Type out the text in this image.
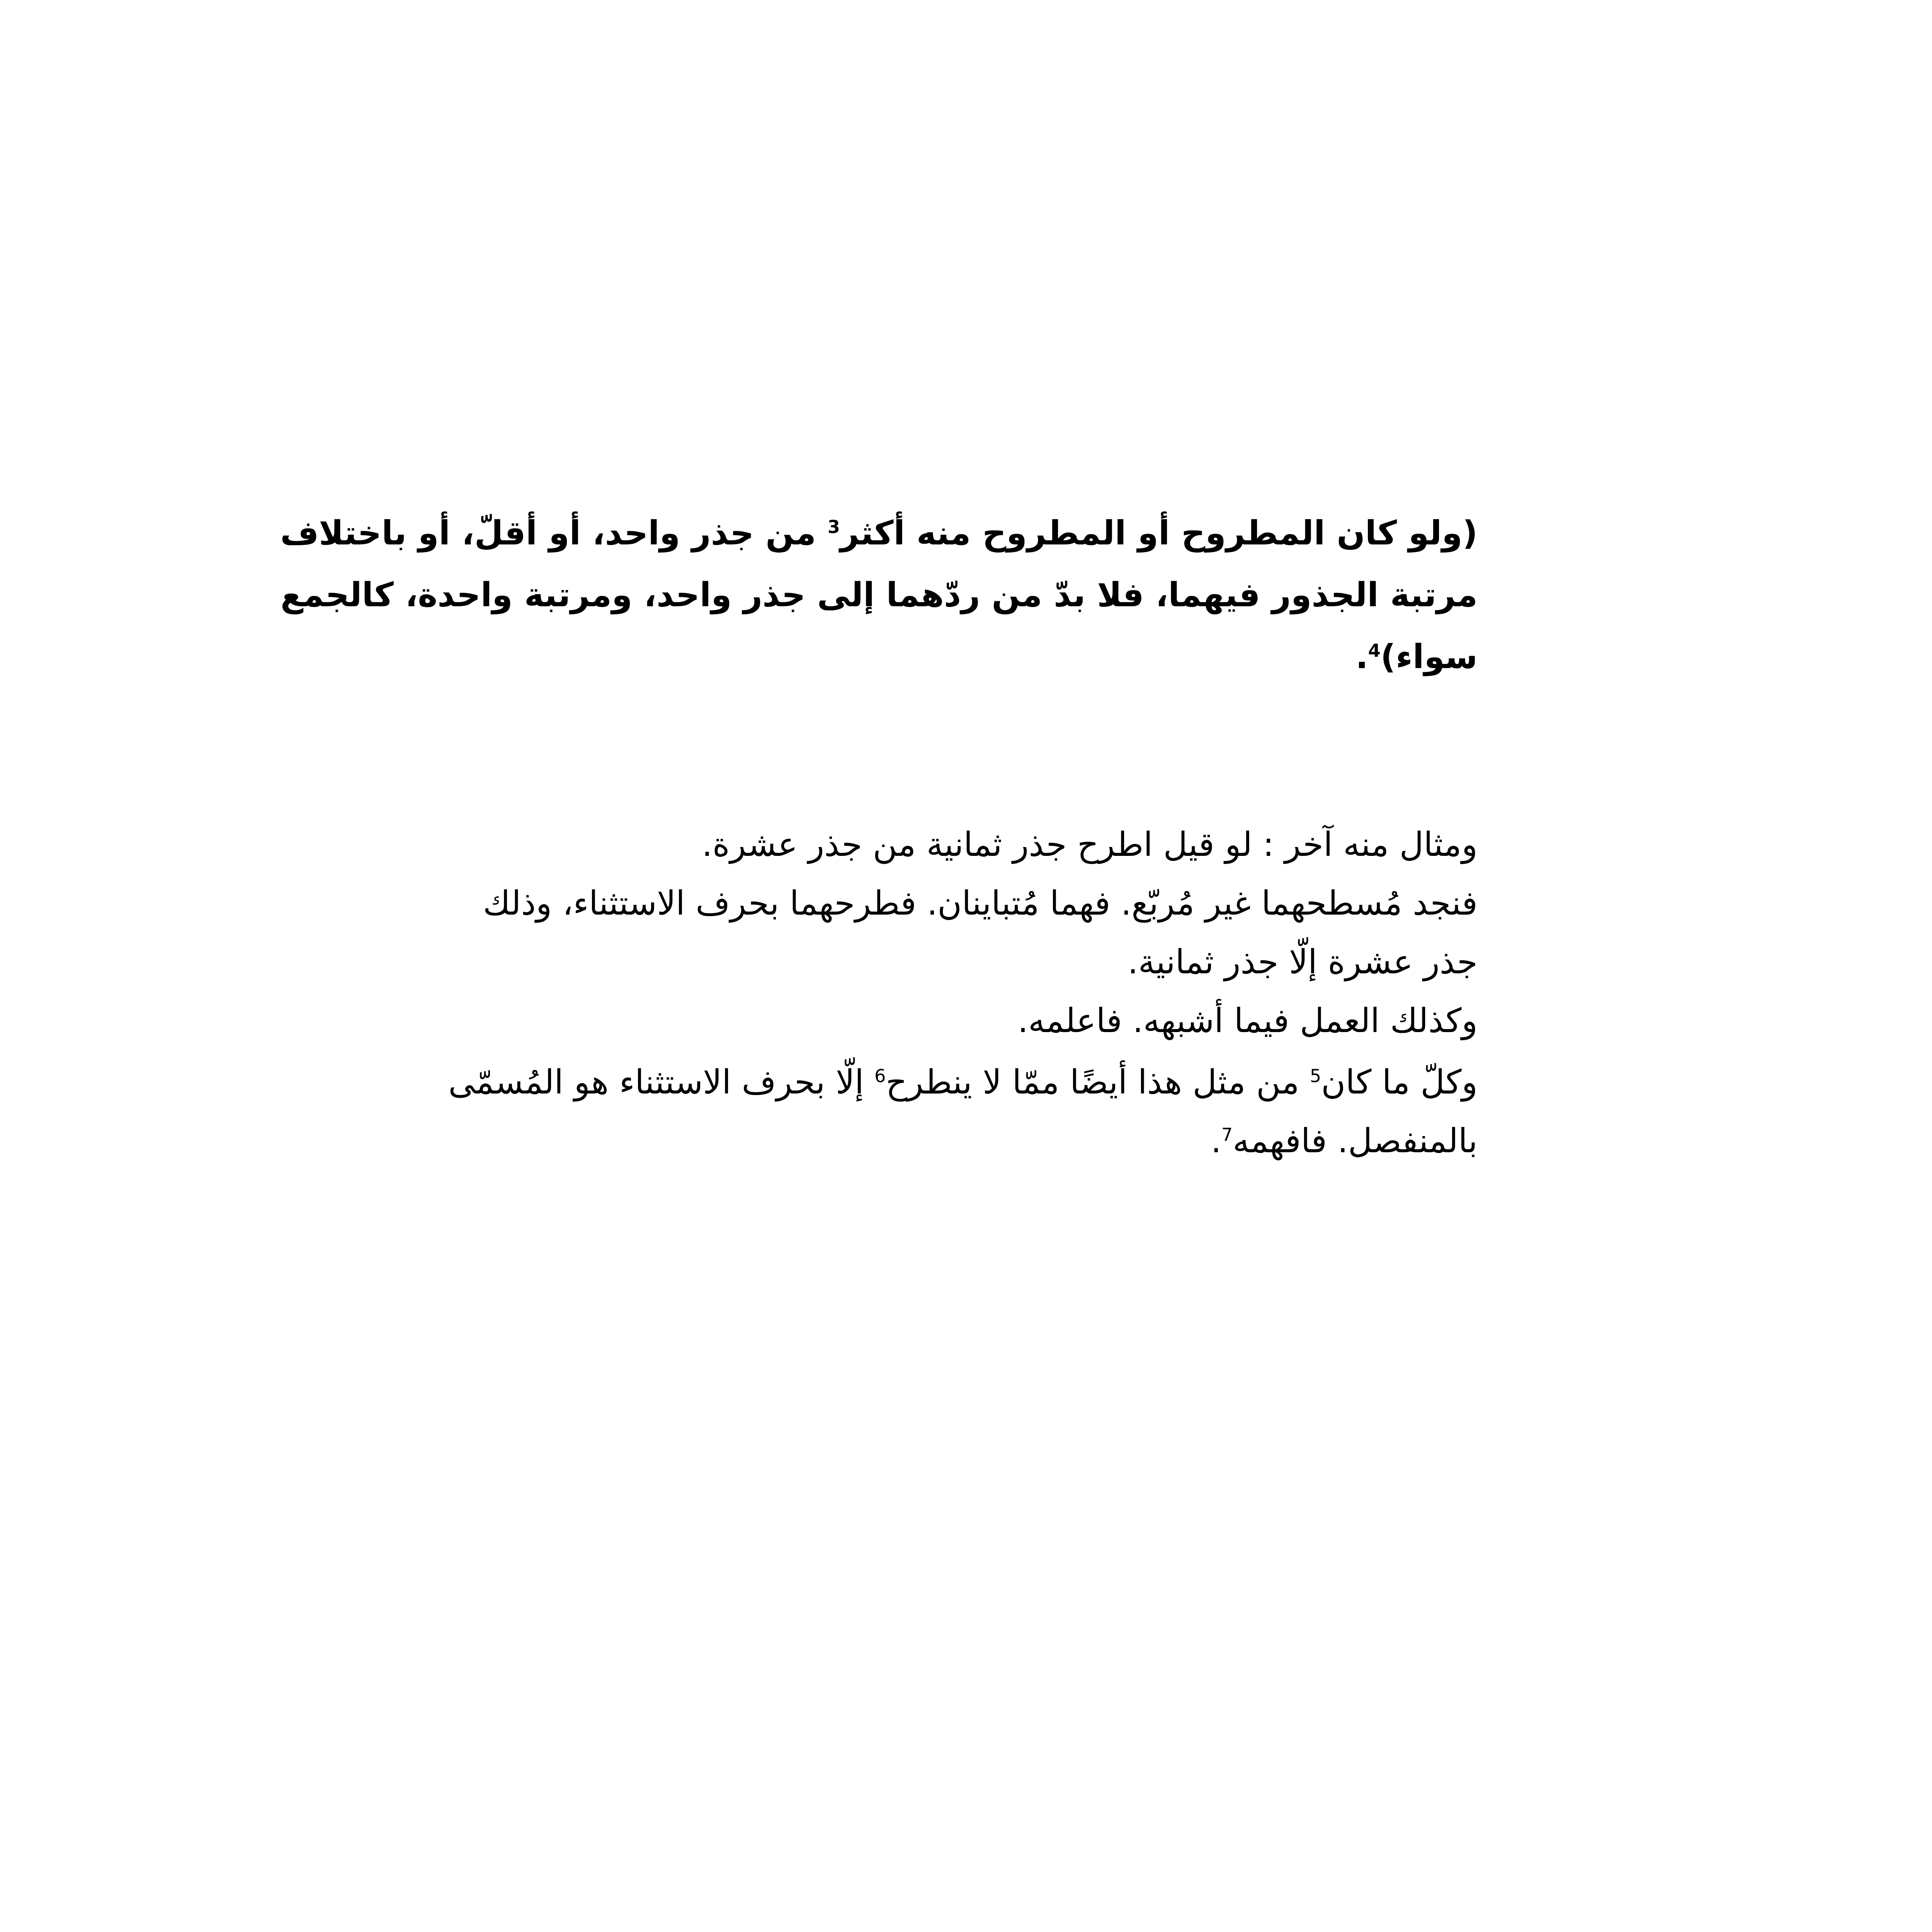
(ولو كان المطروح أو المطروح منه أكثر$^3$ من جذر واحد، أو أقلّ، أو باختلاف
مرتبة الجذور فيهما، فلا بدّ من ردّهما إلى جذر واحد، ومرتبة واحدة، كالجمع
سواء)$^4$.
ومثال منه آخر : لو قيل اطرح جذر ثمانية من جذر عشرة.
فنجد مُسطحهما غير مُربّع. فهما مُتباينان. فطرحهما بحرف الاستثناء، وذلك
جذر عشرة إلّا جذر ثمانية.
وكذلك العمل فيما أشبهه. فاعلمه.
وكلّ ما كان$^5$ من مثل هذا أيضًا ممّا لا ينطرح$^6$ إلّا بحرف الاستثناء هو المُسمّى
بالمنفصل. فافهمه$^7$.
